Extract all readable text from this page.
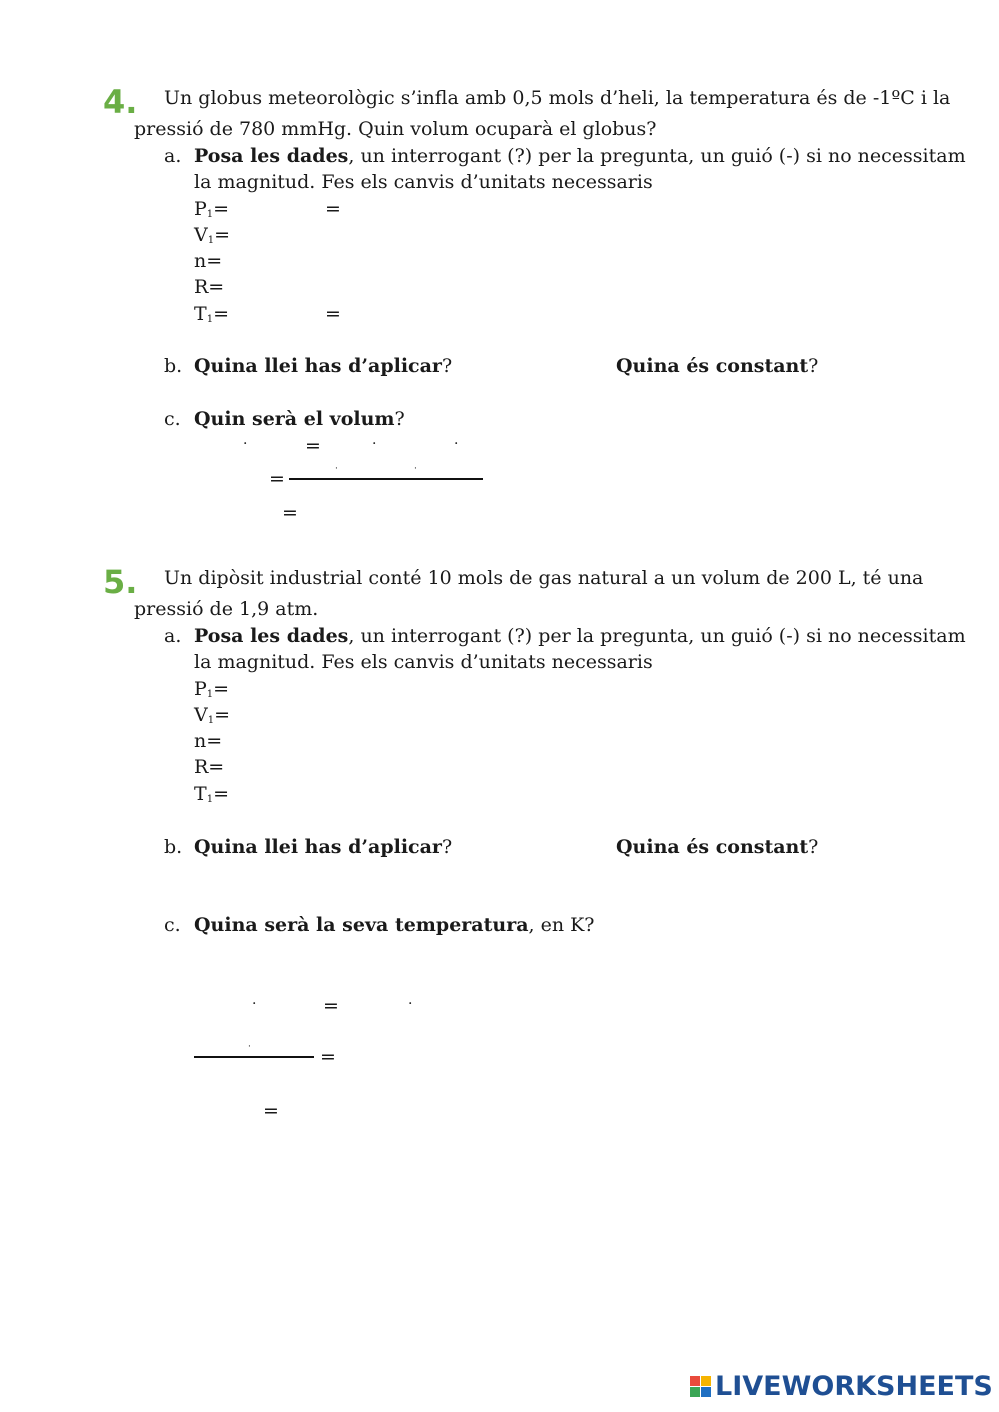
4. Un globus meteorològic s’infla amb 0,5 mols d’heli, la temperatura és de -1ºC i la
pressió de 780 mmHg. Quin volum ocuparà el globus?
a. Posa les dades, un interrogant (?) per la pregunta, un guió (-) si no necessitam
la magnitud. Fes els canvis d’unitats necessaris
$P_1=$	=
$V_1=$
n=
R=
$T_1=$	=
b. Quina llei has d’aplicar?	Quina és constant?
c. Quin serà el volum?
·	=	·	·
·	·
=
=
5. Un dipòsit industrial conté 10 mols de gas natural a un volum de 200 L, té una
pressió de 1,9 atm.
a. Posa les dades, un interrogant (?) per la pregunta, un guió (-) si no necessitam
la magnitud. Fes els canvis d’unitats necessaris
$P_1=$
$V_1=$
n=
R=
$T_1=$
b. Quina llei has d’aplicar?	Quina és constant?
c. Quina serà la seva temperatura, en K?
·	=	·
·	=
=
LIVEWORKSHEETS
